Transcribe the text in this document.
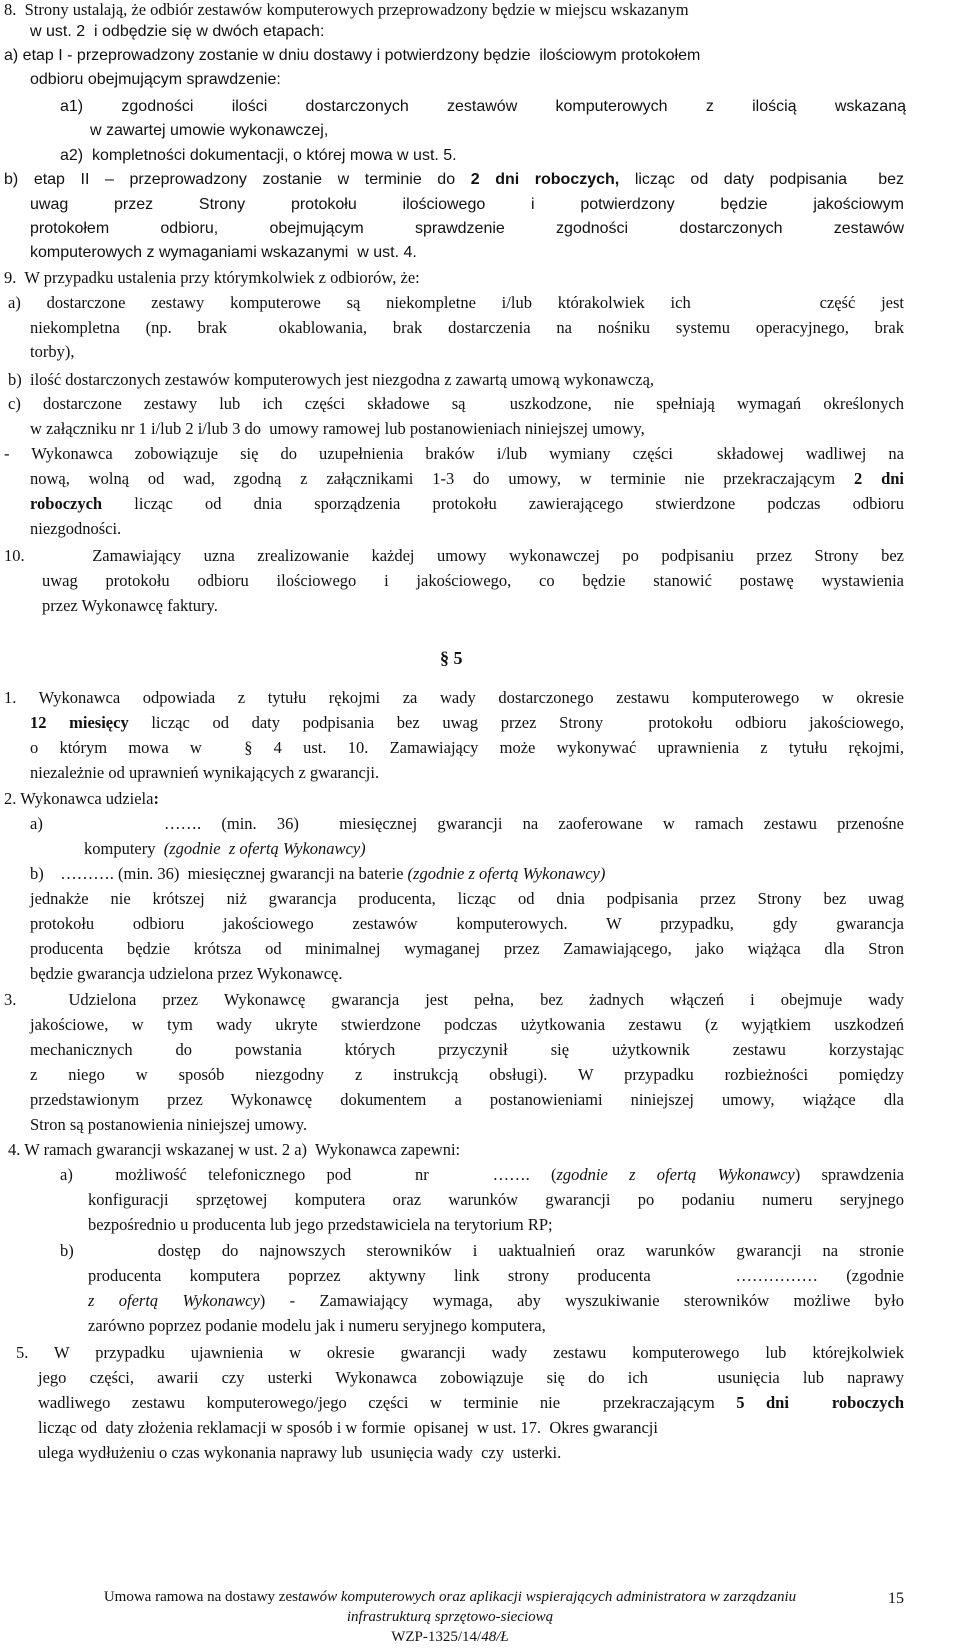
8.  Strony ustalają, że odbiór zestawów komputerowych przeprowadzony będzie w miejscu wskazanym
w ust. 2  i odbędzie się w dwóch etapach:
a) etap I - przeprowadzony zostanie w dniu dostawy i potwierdzony będzie  ilościowym protokołem
odbioru obejmującym sprawdzenie:
a1) zgodności ilości dostarczonych zestawów komputerowych z ilością wskazaną
w zawartej umowie wykonawczej,
a2)  kompletności dokumentacji, o której mowa w ust. 5.
b) etap II – przeprowadzony zostanie w terminie do 2 dni roboczych, licząc od daty podpisania  bez
uwag przez Strony protokołu ilościowego i potwierdzony będzie jakościowym
protokołem odbioru, obejmującym sprawdzenie zgodności dostarczonych zestawów
komputerowych z wymaganiami wskazanymi  w ust. 4.
9.  W przypadku ustalenia przy którymkolwiek z odbiorów, że:
a) dostarczone zestawy komputerowe są niekompletne i/lub którakolwiek ich     część jest
niekompletna (np. brak  okablowania, brak dostarczenia na nośniku systemu operacyjnego, brak
torby),
b)  ilość dostarczonych zestawów komputerowych jest niezgodna z zawartą umową wykonawczą,
c) dostarczone zestawy lub ich części składowe są  uszkodzone, nie spełniają wymagań określonych
w załączniku nr 1 i/lub 2 i/lub 3 do  umowy ramowej lub postanowieniach niniejszej umowy,
- Wykonawca zobowiązuje się do uzupełnienia braków i/lub wymiany części  składowej wadliwej na
nową, wolną od wad, zgodną z załącznikami 1-3 do umowy, w terminie nie przekraczającym 2 dni
roboczych licząc od dnia sporządzenia protokołu zawierającego stwierdzone podczas odbioru
niezgodności.
10.   Zamawiający uzna zrealizowanie każdej umowy wykonawczej po podpisaniu przez Strony bez
uwag protokołu odbioru ilościowego i jakościowego, co będzie stanowić postawę wystawienia
przez Wykonawcę faktury.
1. Wykonawca odpowiada z tytułu rękojmi za wady dostarczonego zestawu komputerowego w okresie
12 miesięcy licząc od daty podpisania bez uwag przez Strony  protokołu odbioru jakościowego,
o którym mowa w  § 4 ust. 10. Zamawiający może wykonywać uprawnienia z tytułu rękojmi,
niezależnie od uprawnień wynikających z gwarancji.
2. Wykonawca udziela:
a)      ……. (min. 36)  miesięcznej gwarancji na zaoferowane w ramach zestawu przenośne
komputery  (zgodnie  z ofertą Wykonawcy)
b)    ………. (min. 36)  miesięcznej gwarancji na baterie (zgodnie z ofertą Wykonawcy)
jednakże nie krótszej niż gwarancja producenta, licząc od dnia podpisania przez Strony bez uwag
protokołu odbioru jakościowego zestawów komputerowych. W przypadku, gdy gwarancja
producenta będzie krótsza od minimalnej wymaganej przez Zamawiającego, jako wiążąca dla Stron
będzie gwarancja udzielona przez Wykonawcę.
3.  Udzielona przez Wykonawcę gwarancja jest pełna, bez żadnych włączeń i obejmuje wady
jakościowe, w tym wady ukryte stwierdzone podczas użytkowania zestawu (z wyjątkiem uszkodzeń
mechanicznych do powstania których przyczynił się użytkownik zestawu korzystając
z niego w sposób niezgodny z instrukcją obsługi). W przypadku rozbieżności pomiędzy
przedstawionym przez Wykonawcę dokumentem a postanowieniami niniejszej umowy, wiążące dla
Stron są postanowienia niniejszej umowy.
4. W ramach gwarancji wskazanej w ust. 2 a)  Wykonawca zapewni:
a)  możliwość telefonicznego pod   nr   ……. (zgodnie z ofertą Wykonawcy) sprawdzenia
konfiguracji sprzętowej komputera oraz warunków gwarancji po podaniu numeru seryjnego
bezpośrednio u producenta lub jego przedstawiciela na terytorium RP;
b)    dostęp do najnowszych sterowników i uaktualnień oraz warunków gwarancji na stronie
producenta komputera poprzez aktywny link strony producenta   …………… (zgodnie
z ofertą Wykonawcy) - Zamawiający wymaga, aby wyszukiwanie sterowników możliwe było
zarówno poprzez podanie modelu jak i numeru seryjnego komputera,
5. W przypadku ujawnienia w okresie gwarancji wady zestawu komputerowego lub którejkolwiek
jego części, awarii czy usterki Wykonawca zobowiązuje się do ich   usunięcia lub naprawy
wadliwego zestawu komputerowego/jego części w terminie nie  przekraczającym 5 dni  roboczych
licząc od  daty złożenia reklamacji w sposób i w formie  opisanej  w ust. 17.  Okres gwarancji
ulega wydłużeniu o czas wykonania naprawy lub  usunięcia wady  czy  usterki.
§ 5
Umowa ramowa na dostawy zestawów komputerowych oraz aplikacji wspierających administratora w zarządzaniu
infrastrukturą sprzętowo-sieciową
WZP-1325/14/48/Ł
15
